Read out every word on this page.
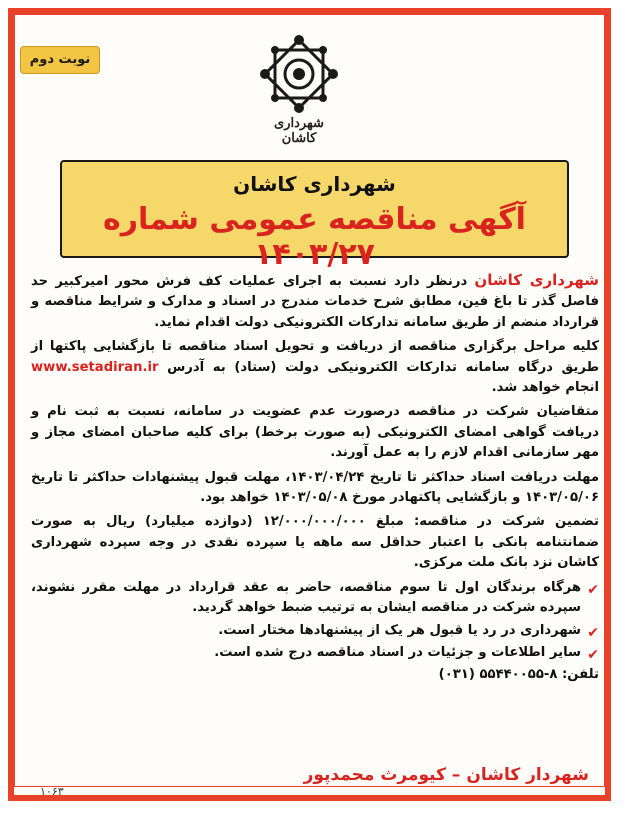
نوبت دوم
شهرداری کاشان
شهرداری کاشان
آگهی مناقصه عمومی شماره ۱۴۰۳/۲۷

شهرداری کاشان درنظر دارد نسبت به اجرای عملیات کف فرش محور امیرکبیر حد فاصل گذر تا باغ فین، مطابق شرح خدمات مندرج در اسناد و مدارک و شرایط مناقصه و قرارداد منضم از طریق سامانه تدارکات الکترونیکی دولت اقدام نماید.

کلیه مراحل برگزاری مناقصه از دریافت و تحویل اسناد مناقصه تا بازگشایی پاکتها از طریق درگاه سامانه تدارکات الکترونیکی دولت (ستاد) به آدرس www.setadiran.ir انجام خواهد شد.

متقاضیان شرکت در مناقصه درصورت عدم عضویت در سامانه، نسبت به ثبت نام و دریافت گواهی امضای الکترونیکی (به صورت برخط) برای کلیه صاحبان امضای مجاز و مهر سازمانی اقدام لازم را به عمل آورند.

مهلت دریافت اسناد حداکثر تا تاریخ ۱۴۰۳/۰۴/۲۴، مهلت قبول پیشنهادات حداکثر تا تاریخ ۱۴۰۳/۰۵/۰۶ و بازگشایی پاکتهادر مورخ ۱۴۰۳/۰۵/۰۸ خواهد بود.

تضمین شرکت در مناقصه: مبلغ ۱۲/۰۰۰/۰۰۰/۰۰۰ (دوازده میلیارد) ریال به صورت ضمانتنامه بانکی با اعتبار حداقل سه ماهه یا سپرده نقدی در وجه سپرده شهرداری کاشان نزد بانک ملت مرکزی.

✔
هرگاه برندگان اول تا سوم مناقصه، حاضر به عقد قرارداد در مهلت مقرر نشوند، سپرده شرکت در مناقصه ایشان به ترتیب ضبط خواهد گردید.
✔
شهرداری در رد یا قبول هر یک از پیشنهادها مختار است.
✔
سایر اطلاعات و جزئیات در اسناد مناقصه درج شده است.
تلفن: ۸-۵۵۴۴۰۰۵۵ (۰۳۱)
شهردار کاشان – کیومرث محمدپور
۱۰۶۳
